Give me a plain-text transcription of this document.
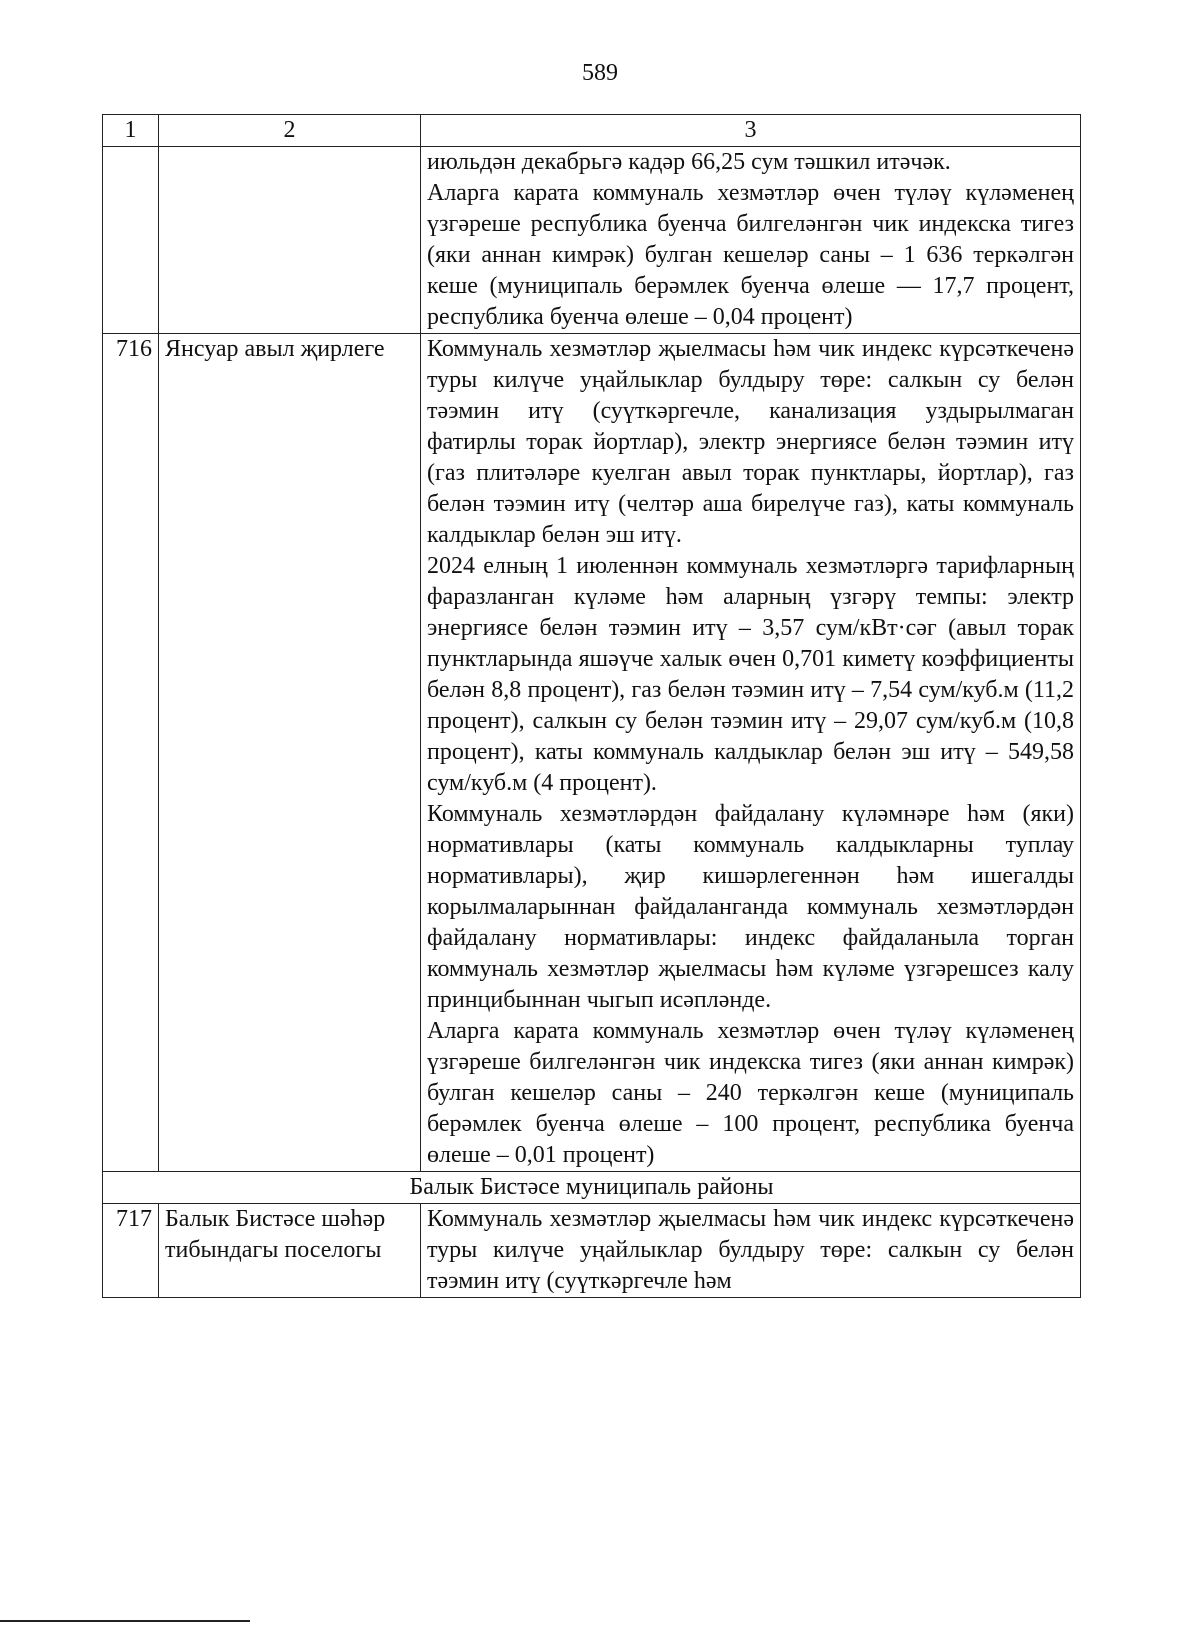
589
1	2	3

		июльдән декабрьгә кадәр 66,25 сум тәшкил итәчәк.

Аларга карата коммуналь хезмәтләр өчен түләү күләменең үзгәреше республика буенча билгеләнгән чик индекска тигез (яки аннан кимрәк) булган кешеләр саны – 1 636 теркәлгән кеше (муниципаль берәмлек буенча өлеше — 17,7 процент, республика буенча өлеше – 0,04 процент)

716	Янсуар авыл җирлеге	Коммуналь хезмәтләр җыелмасы һәм чик индекс күрсәткеченә туры килүче уңайлыклар булдыру төре: салкын су белән тәэмин итү (суүткәргечле, канализация уздырылмаган фатирлы торак йортлар), электр энергиясе белән тәэмин итү (газ плитәләре куелган авыл торак пунктлары, йортлар), газ белән тәэмин итү (челтәр аша бирелүче газ), каты коммуналь калдыклар белән эш итү.

2024 елның 1 июленнән коммуналь хезмәтләргә тарифларның фаразланган күләме һәм аларның үзгәрү темпы: электр энергиясе белән тәэмин итү – 3,57 сум/кВт·сәг (авыл торак пунктларында яшәүче халык өчен 0,701 киметү коэффициенты белән 8,8 процент), газ белән тәэмин итү – 7,54 сум/куб.м (11,2 процент), салкын су белән тәэмин итү – 29,07 сум/куб.м (10,8 процент), каты коммуналь калдыклар белән эш итү – 549,58 сум/куб.м (4 процент).

Коммуналь хезмәтләрдән файдалану күләмнәре һәм (яки) нормативлары (каты коммуналь калдыкларны туплау нормативлары), җир кишәрлегеннән һәм ишегалды корылмаларыннан файдаланганда коммуналь хезмәтләрдән файдалану нормативлары: индекс файдаланыла торган коммуналь хезмәтләр җыелмасы һәм күләме үзгәрешсез калу принцибыннан чыгып исәпләнде.

Аларга карата коммуналь хезмәтләр өчен түләү күләменең үзгәреше билгеләнгән чик индекска тигез (яки аннан кимрәк) булган кешеләр саны – 240 теркәлгән кеше (муниципаль берәмлек буенча өлеше – 100 процент, республика буенча өлеше – 0,01 процент)

Балык Бистәсе муниципаль районы		
717	Балык Бистәсе шәһәр тибындагы поселогы	Коммуналь хезмәтләр җыелмасы һәм чик индекс күрсәткеченә туры килүче уңайлыклар булдыру төре: салкын су белән тәэмин итү (суүткәргечле һәм
